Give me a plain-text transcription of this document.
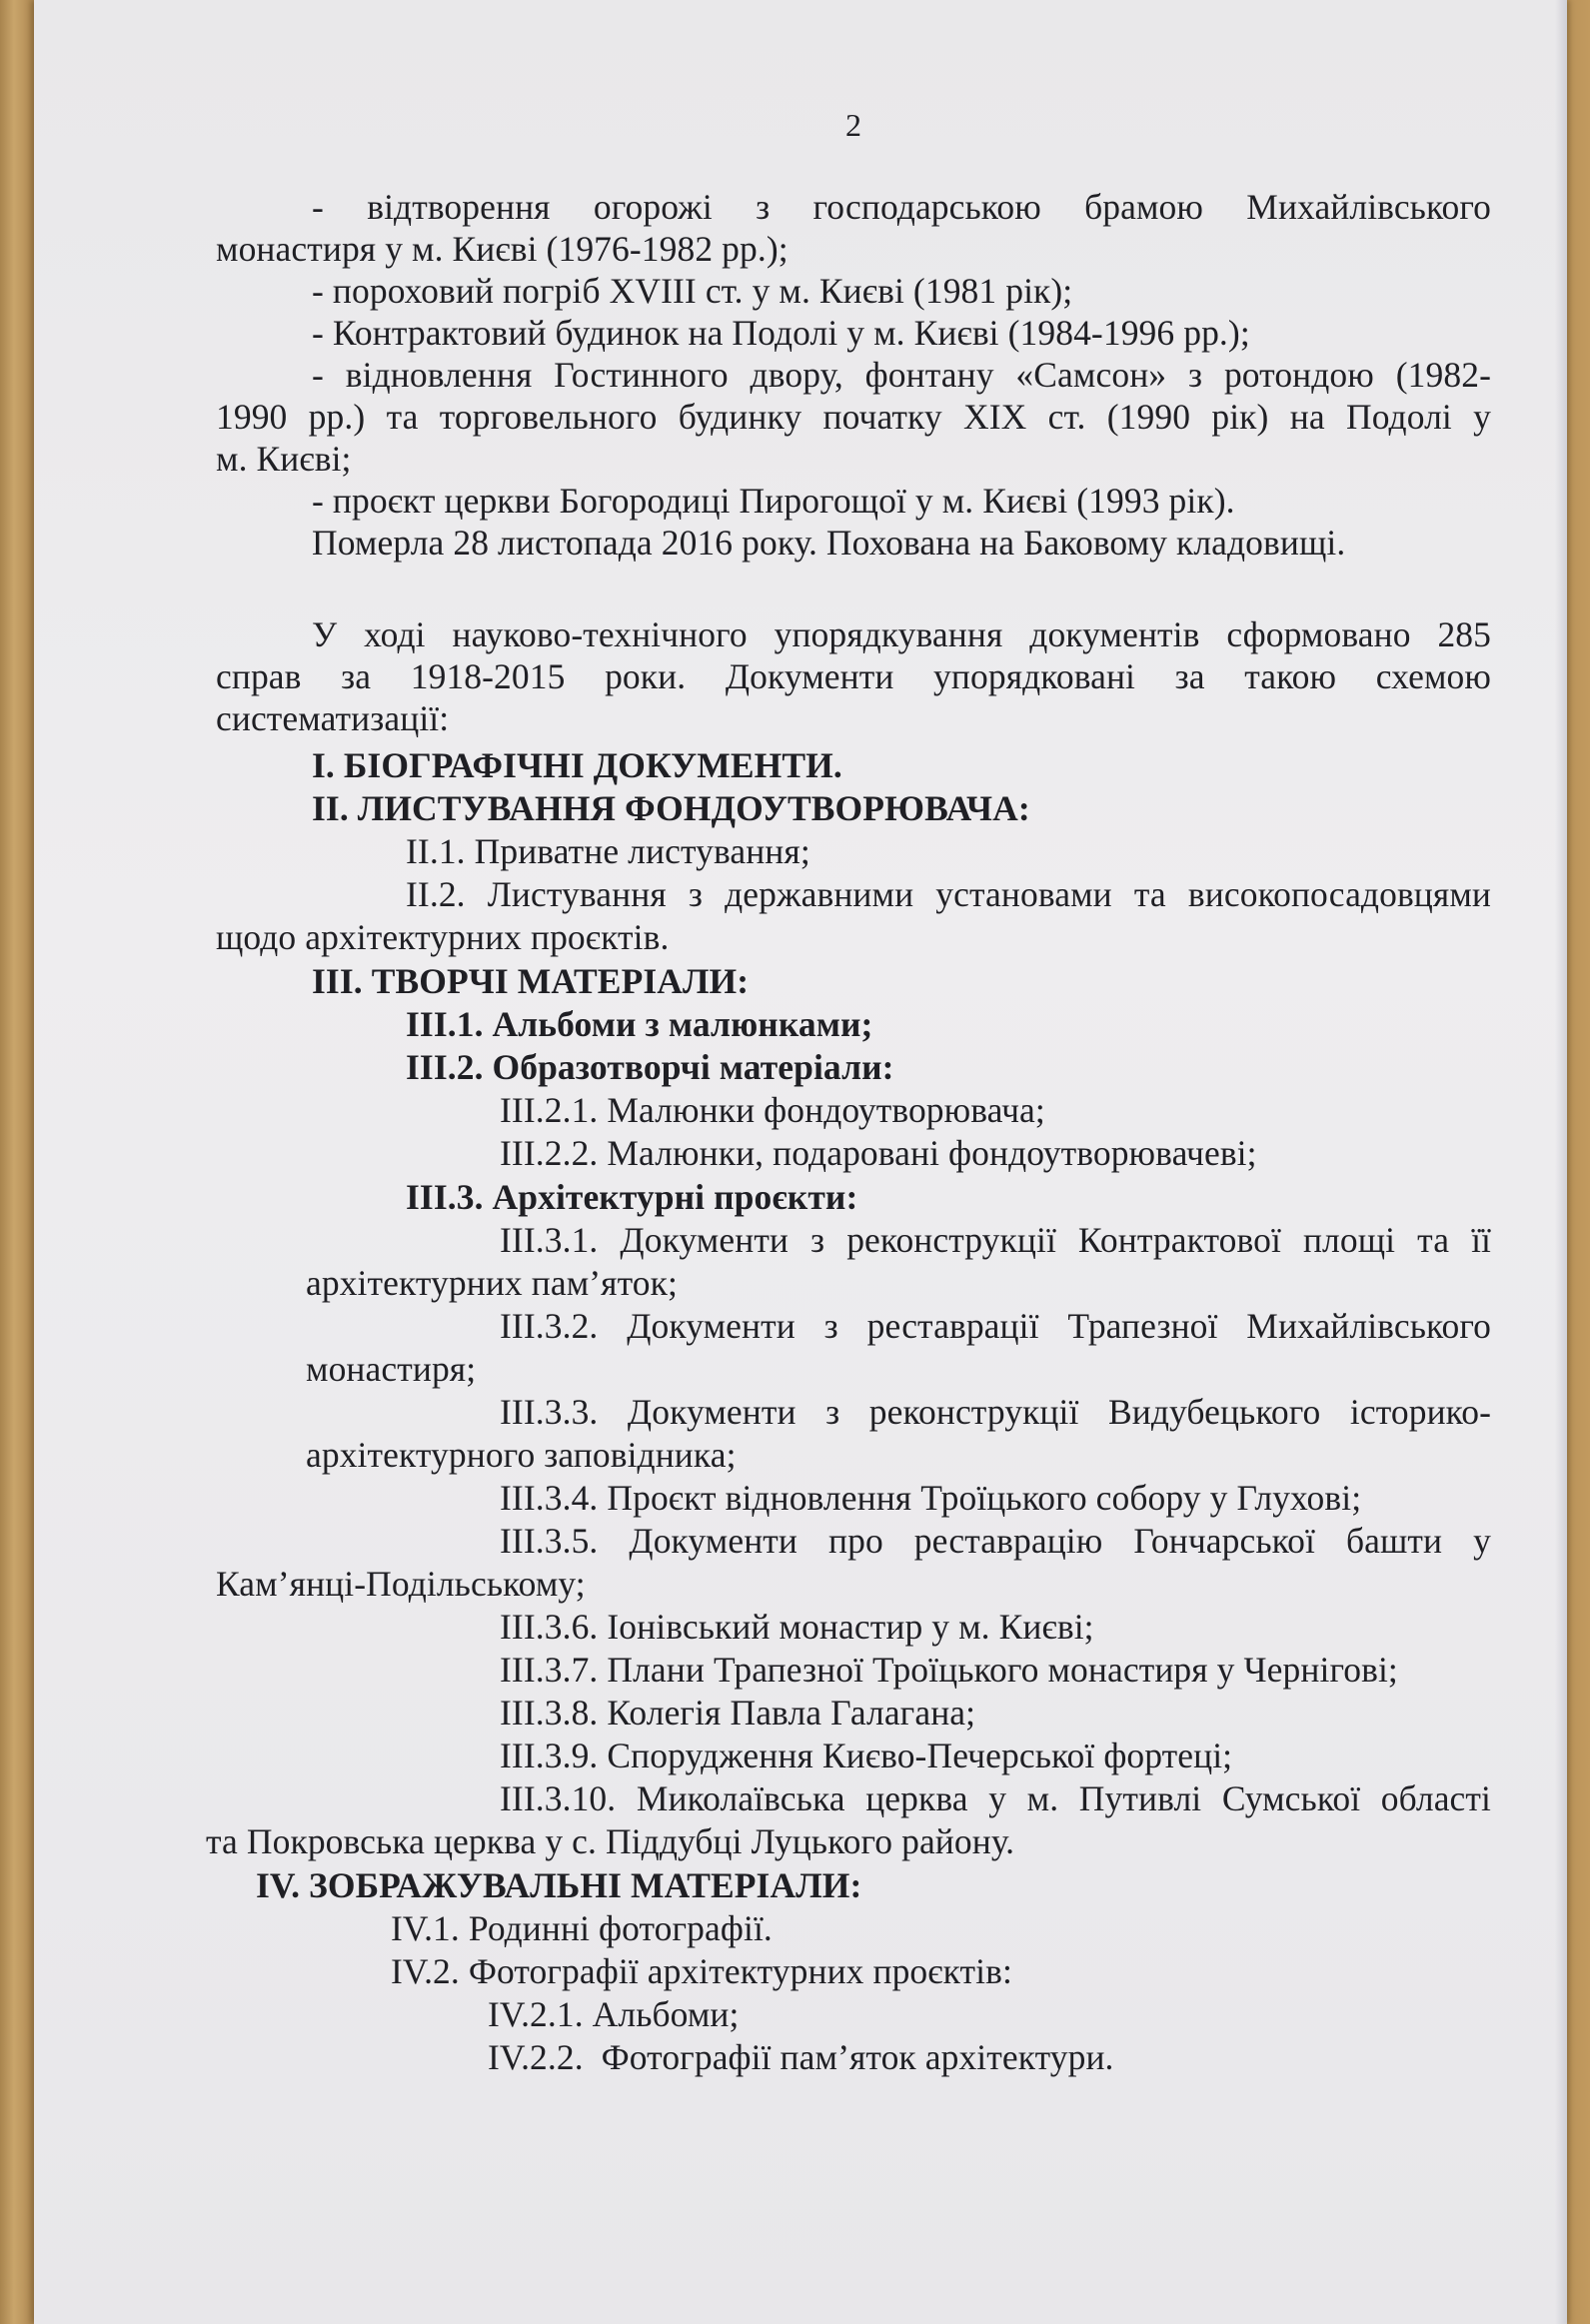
2
- відтворення огорожі з господарською брамою Михайлівського
монастиря у м. Києві (1976-1982 рр.);
- пороховий погріб XVIII ст. у м. Києві (1981 рік);
- Контрактовий будинок на Подолі у м. Києві (1984-1996 рр.);
- відновлення Гостинного двору, фонтану «Самсон» з ротондою (1982-
1990 рр.) та торговельного будинку початку ХІХ ст. (1990 рік) на Подолі у
м. Києві;
- проєкт церкви Богородиці Пирогощої у м. Києві (1993 рік).
Померла 28 листопада 2016 року. Похована на Баковому кладовищі.
У ході науково-технічного упорядкування документів сформовано 285
справ за 1918-2015 роки. Документи упорядковані за такою схемою
систематизації:
І. БІОГРАФІЧНІ ДОКУМЕНТИ.
ІІ. ЛИСТУВАННЯ ФОНДОУТВОРЮВАЧА:
ІІ.1. Приватне листування;
ІІ.2. Листування з державними установами та високопосадовцями
щодо архітектурних проєктів.
ІІІ. ТВОРЧІ МАТЕРІАЛИ:
ІІІ.1. Альбоми з малюнками;
ІІІ.2. Образотворчі матеріали:
ІІІ.2.1. Малюнки фондоутворювача;
ІІІ.2.2. Малюнки, подаровані фондоутворювачеві;
ІІІ.3. Архітектурні проєкти:
ІІІ.3.1. Документи з реконструкції Контрактової площі та її
архітектурних пам’яток;
ІІІ.3.2. Документи з реставрації Трапезної Михайлівського
монастиря;
ІІІ.3.3. Документи з реконструкції Видубецького історико-
архітектурного заповідника;
ІІІ.3.4. Проєкт відновлення Троїцького собору у Глухові;
ІІІ.3.5. Документи про реставрацію Гончарської башти у
Кам’янці-Подільському;
ІІІ.3.6. Іонівський монастир у м. Києві;
ІІІ.3.7. Плани Трапезної Троїцького монастиря у Чернігові;
ІІІ.3.8. Колегія Павла Галагана;
ІІІ.3.9. Спорудження Києво-Печерської фортеці;
ІІІ.3.10. Миколаївська церква у м. Путивлі Сумської області
та Покровська церква у с. Піддубці Луцького району.
IV. ЗОБРАЖУВАЛЬНІ МАТЕРІАЛИ:
IV.1. Родинні фотографії.
IV.2. Фотографії архітектурних проєктів:
IV.2.1. Альбоми;
IV.2.2.  Фотографії пам’яток архітектури.
